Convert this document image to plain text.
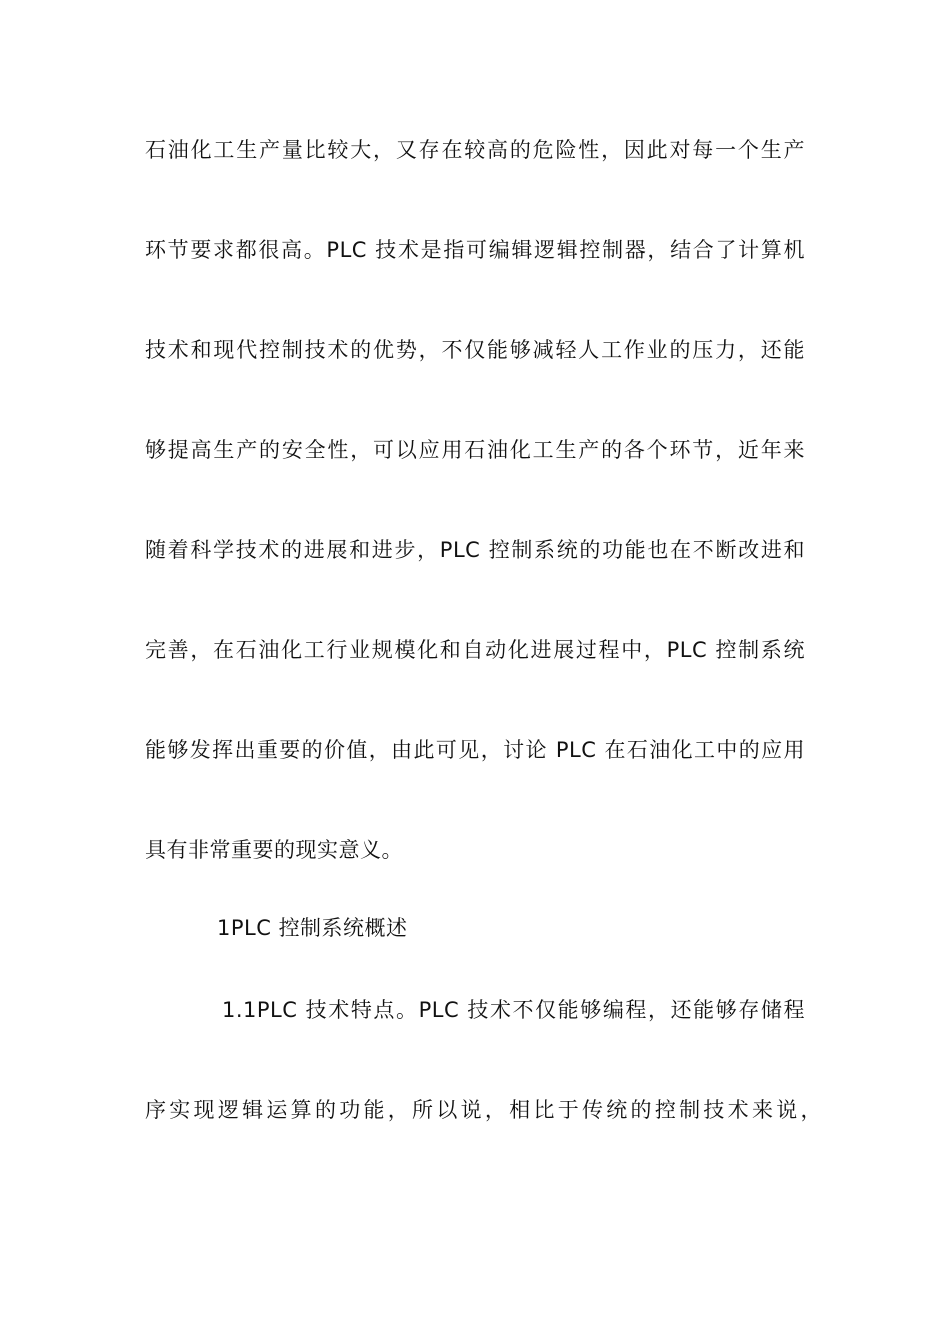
石油化工生产量比较大，又存在较高的危险性，因此对每一个生产
环节要求都很高。PLC 技术是指可编辑逻辑控制器，结合了计算机
技术和现代控制技术的优势，不仅能够减轻人工作业的压力，还能
够提高生产的安全性，可以应用石油化工生产的各个环节，近年来
随着科学技术的进展和进步，PLC 控制系统的功能也在不断改进和
完善，在石油化工行业规模化和自动化进展过程中，PLC 控制系统
能够发挥出重要的价值，由此可见，讨论 PLC 在石油化工中的应用
具有非常重要的现实意义。
1PLC 控制系统概述
1.1PLC 技术特点。PLC 技术不仅能够编程，还能够存储程
序实现逻辑运算的功能，所以说，相比于传统的控制技术来说，
